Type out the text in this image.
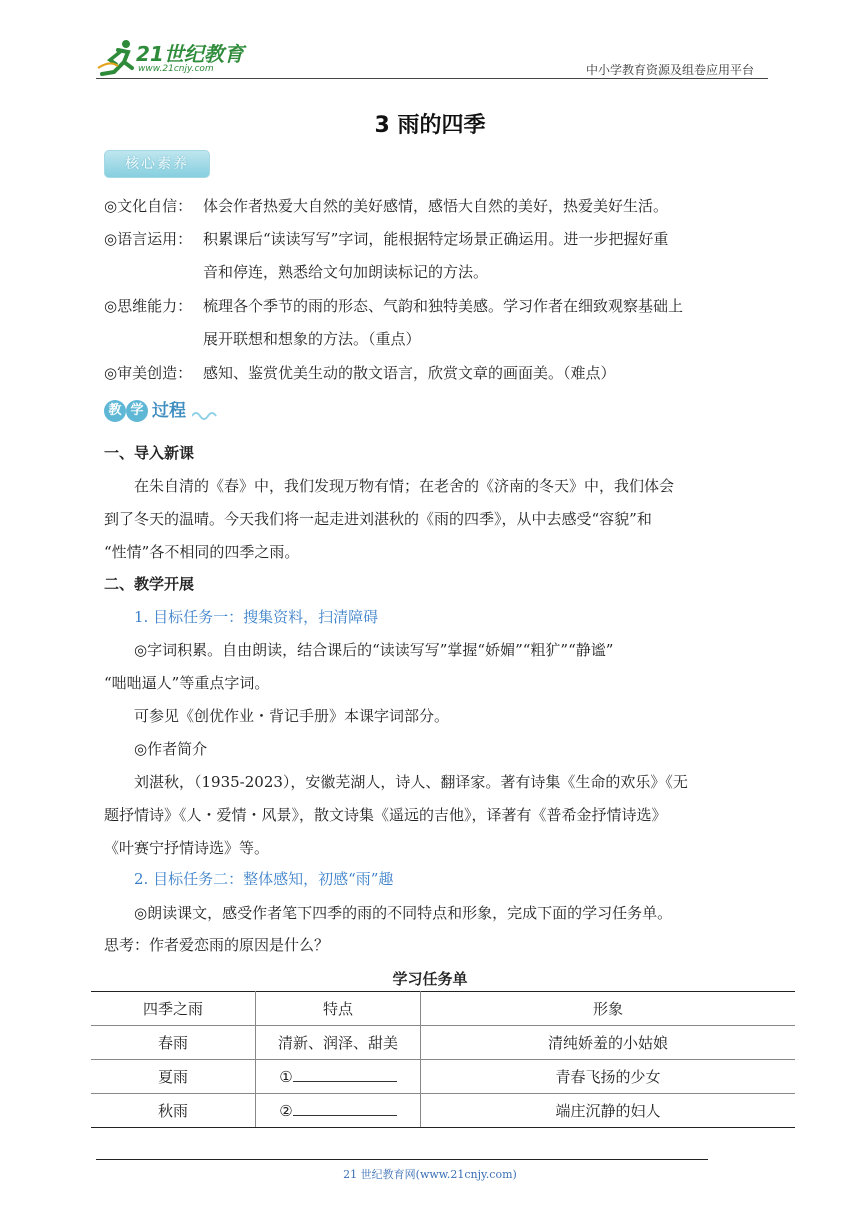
21世纪教育
www.21cnjy.com	中小学教育资源及组卷应用平台
3 雨的四季
核心素养
◎文化自信： 体会作者热爱大自然的美好感情，感悟大自然的美好，热爱美好生活。
◎语言运用： 积累课后“读读写写”字词，能根据特定场景正确运用。进一步把握好重
音和停连，熟悉给文句加朗读标记的方法。
◎思维能力： 梳理各个季节的雨的形态、气韵和独特美感。学习作者在细致观察基础上
展开联想和想象的方法。（重点）
◎审美创造： 感知、鉴赏优美生动的散文语言，欣赏文章的画面美。（难点）
教 学 过程
一、导入新课
在朱自清的《春》中，我们发现万物有情；在老舍的《济南的冬天》中，我们体会
到了冬天的温晴。今天我们将一起走进刘湛秋的《雨的四季》，从中去感受“容貌”和
“性情”各不相同的四季之雨。
二、教学开展
1. 目标任务一：搜集资料，扫清障碍
◎字词积累。自由朗读，结合课后的“读读写写”掌握“娇媚”“粗犷”“静谧”
“咄咄逼人”等重点字词。
可参见《创优作业・背记手册》本课字词部分。
◎作者简介
刘湛秋，（1935-2023），安徽芜湖人，诗人、翻译家。著有诗集《生命的欢乐》《无
题抒情诗》《人・爱情・风景》，散文诗集《遥远的吉他》，译著有《普希金抒情诗选》
《叶赛宁抒情诗选》等。
2. 目标任务二：整体感知，初感“雨”趣
◎朗读课文，感受作者笔下四季的雨的不同特点和形象，完成下面的学习任务单。
思考：作者爱恋雨的原因是什么？
学习任务单
四季之雨	特点	形象
春雨	清新、润泽、甜美	清纯娇羞的小姑娘
夏雨	①	青春飞扬的少女
秋雨	②	端庄沉静的妇人
21 世纪教育网(www.21cnjy.com)
